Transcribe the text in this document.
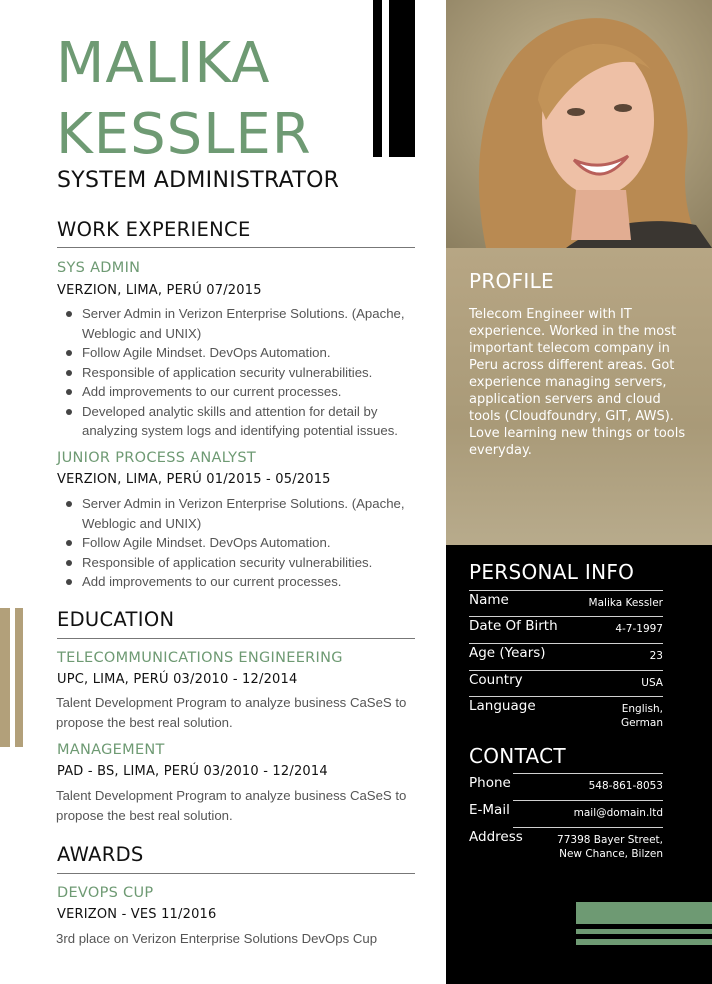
MALIKA
KESSLER
SYSTEM ADMINISTRATOR
WORK EXPERIENCE
SYS ADMIN
VERZION, LIMA, PERÚ 07/2015
Server Admin in Verizon Enterprise Solutions. (Apache, Weblogic and UNIX)
Follow Agile Mindset. DevOps Automation.
Responsible of application security vulnerabilities.
Add improvements to our current processes.
Developed analytic skills and attention for detail by analyzing system logs and identifying potential issues.
JUNIOR PROCESS ANALYST
VERZION, LIMA, PERÚ 01/2015 - 05/2015
Server Admin in Verizon Enterprise Solutions. (Apache, Weblogic and UNIX)
Follow Agile Mindset. DevOps Automation.
Responsible of application security vulnerabilities.
Add improvements to our current processes.
EDUCATION
TELECOMMUNICATIONS ENGINEERING
UPC, LIMA, PERÚ 03/2010 - 12/2014
Talent Development Program to analyze business CaSeS to propose the best real solution.
MANAGEMENT
PAD - BS, LIMA, PERÚ 03/2010 - 12/2014
Talent Development Program to analyze business CaSeS to propose the best real solution.
AWARDS
DEVOPS CUP
VERIZON - VES 11/2016
3rd place on Verizon Enterprise Solutions DevOps Cup
PROFILE
Telecom Engineer with IT experience. Worked in the most important telecom company in Peru across different areas. Got experience managing servers, application servers and cloud tools (Cloudfoundry, GIT, AWS). Love learning new things or tools everyday.
PERSONAL INFO
Name	Malika Kessler
Date Of Birth	4-7-1997
Age (Years)	23
Country	USA
Language	English, German
CONTACT
Phone	548-861-8053
E-Mail	mail@domain.ltd
Address	77398 Bayer Street, New Chance, Bilzen
